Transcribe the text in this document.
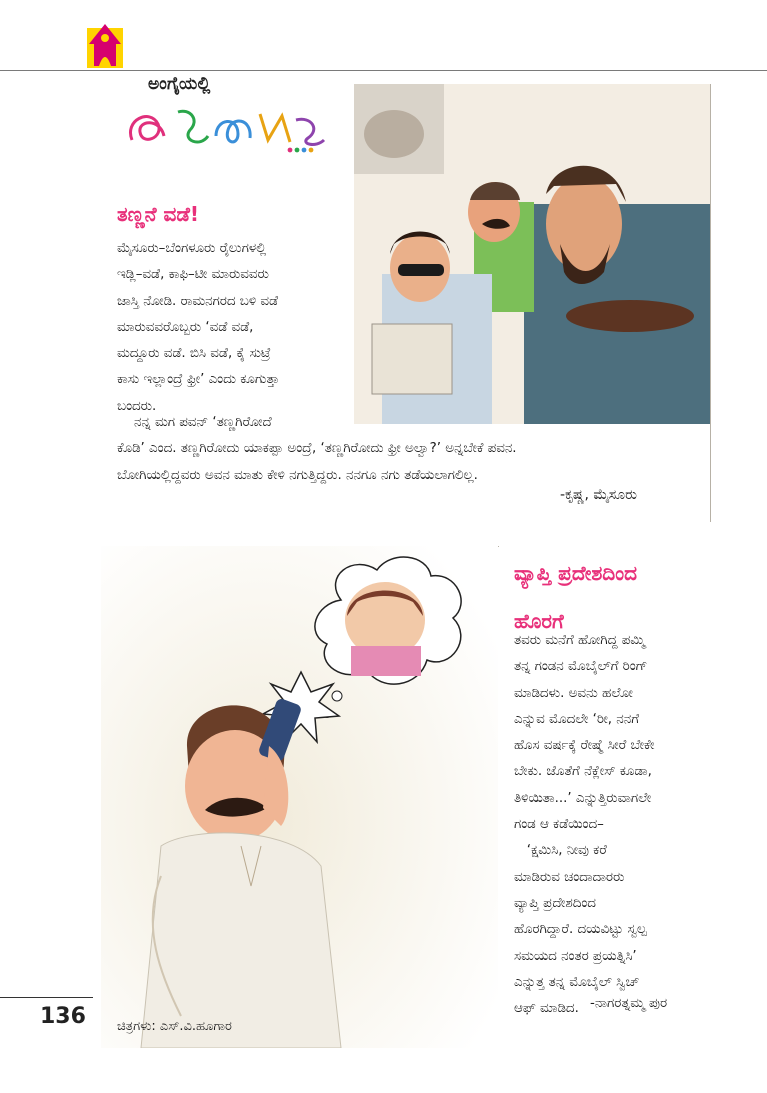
ಅಂಗೈಯಲ್ಲಿ
ತಣ್ಣನೆ ವಡೆ!
ಮೈಸೂರು–ಬೆಂಗಳೂರು ರೈಲುಗಳಲ್ಲಿ
ಇಡ್ಲಿ–ವಡೆ, ಕಾಫಿ–ಟೀ ಮಾರುವವರು
ಜಾಸ್ತಿ ನೋಡಿ. ರಾಮನಗರದ ಬಳಿ ವಡೆ
ಮಾರುವವರೊಬ್ಬರು ‘ವಡೆ ವಡೆ,
ಮದ್ದೂರು ವಡೆ. ಬಿಸಿ ವಡೆ, ಕೈ ಸುಟ್ರೆ
ಕಾಸು ಇಲ್ಲಾಂದ್ರೆ ಫ್ರೀ’ ಎಂದು ಕೂಗುತ್ತಾ
ಬಂದರು.
ನನ್ನ ಮಗ ಪವನ್ ‘ತಣ್ಣಗಿರೋದೆ
ಕೊಡಿ’ ಎಂದ. ತಣ್ಣಗಿರೋದು ಯಾಕಪ್ಪಾ ಅಂದ್ರೆ, ‘ತಣ್ಣಗಿರೋದು ಫ್ರೀ ಅಲ್ವಾ?’ ಅನ್ನಬೇಕೆ ಪವನ.
ಬೋಗಿಯಲ್ಲಿದ್ದವರು ಅವನ ಮಾತು ಕೇಳಿ ನಗುತ್ತಿದ್ದರು. ನನಗೂ ನಗು ತಡೆಯಲಾಗಲಿಲ್ಲ.
-ಕೃಷ್ಣ, ಮೈಸೂರು
ವ್ಯಾಪ್ತಿ ಪ್ರದೇಶದಿಂದ
ಹೊರಗೆ
ತವರು ಮನೆಗೆ ಹೋಗಿದ್ದ ಪಮ್ಮಿ
ತನ್ನ ಗಂಡನ ಮೊಬೈಲ್‌ಗೆ ರಿಂಗ್
ಮಾಡಿದಳು. ಅವನು ಹಲೋ
ಎನ್ನುವ ಮೊದಲೇ ‘ರೀ, ನನಗೆ
ಹೊಸ ವರ್ಷಕ್ಕೆ ರೇಷ್ಮೆ ಸೀರೆ ಬೇಕೇ
ಬೇಕು. ಜೊತೆಗೆ ನೆಕ್ಲೇಸ್ ಕೂಡಾ,
ತಿಳಿಯಿತಾ...’ ಎನ್ನುತ್ತಿರುವಾಗಲೇ
ಗಂಡ ಆ ಕಡೆಯಿಂದ–
‘ಕ್ಷಮಿಸಿ, ನೀವು ಕರೆ
ಮಾಡಿರುವ ಚಂದಾದಾರರು
ವ್ಯಾಪ್ತಿ ಪ್ರದೇಶದಿಂದ
ಹೊರಗಿದ್ದಾರೆ. ದಯವಿಟ್ಟು ಸ್ವಲ್ಪ
ಸಮಯದ ನಂತರ ಪ್ರಯತ್ನಿಸಿ’
ಎನ್ನುತ್ತ ತನ್ನ ಮೊಬೈಲ್ ಸ್ವಿಚ್
ಆಫ್ ಮಾಡಿದ. -ನಾಗರತ್ನಮ್ಮ ಪುರ
136 ಚಿತ್ರಗಳು: ಎಸ್.ವಿ.ಹೂಗಾರ
